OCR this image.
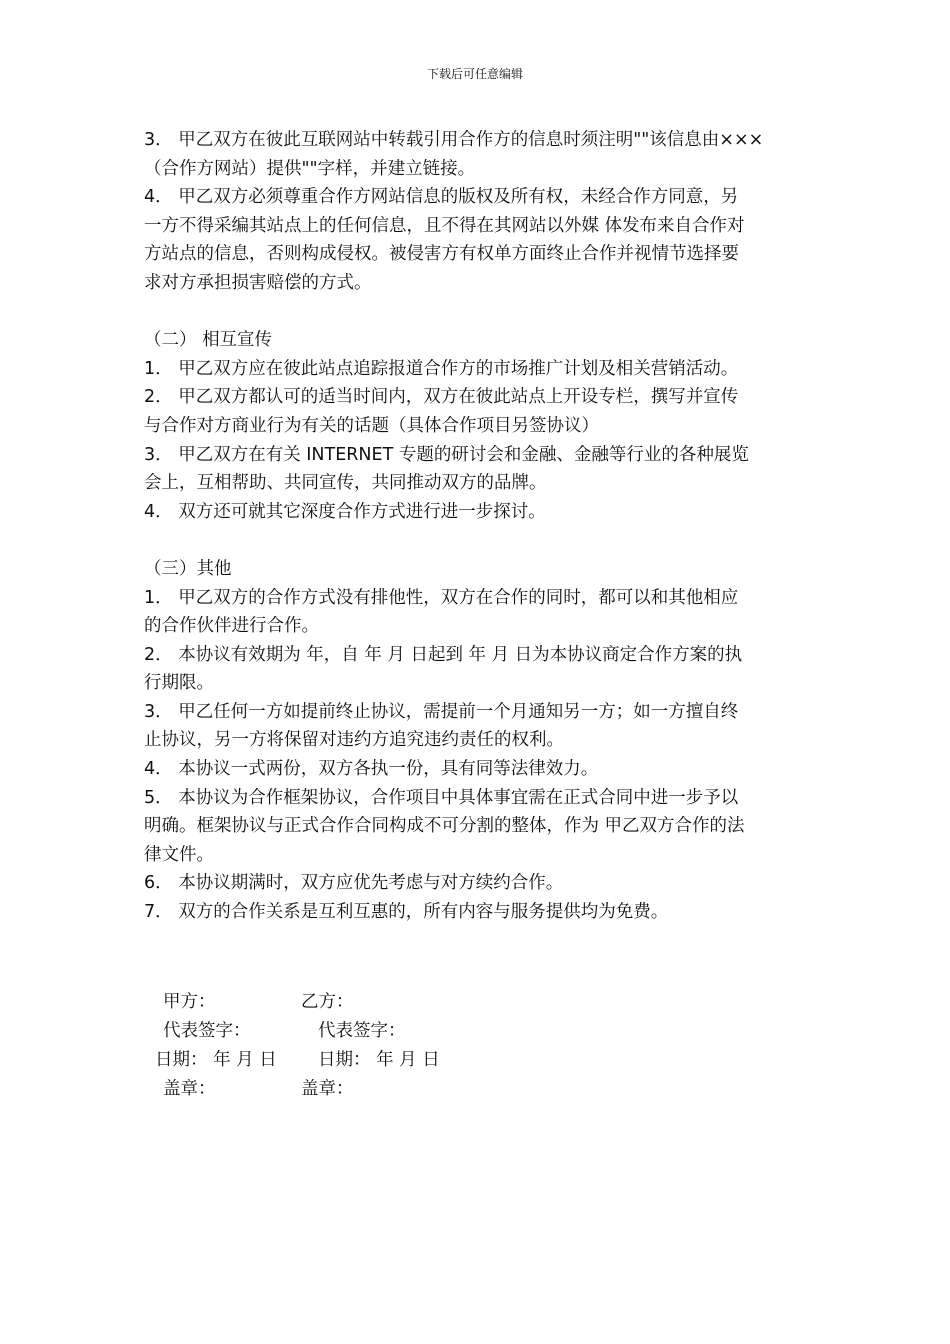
下载后可任意编辑
3． 甲乙双方在彼此互联网站中转载引用合作方的信息时须注明""该信息由×××
（合作方网站）提供""字样，并建立链接。
4． 甲乙双方必须尊重合作方网站信息的版权及所有权，未经合作方同意，另
一方不得采编其站点上的任何信息，且不得在其网站以外媒 体发布来自合作对
方站点的信息，否则构成侵权。被侵害方有权单方面终止合作并视情节选择要
求对方承担损害赔偿的方式。
（二） 相互宣传
1． 甲乙双方应在彼此站点追踪报道合作方的市场推广计划及相关营销活动。
2． 甲乙双方都认可的适当时间内，双方在彼此站点上开设专栏，撰写并宣传
与合作对方商业行为有关的话题（具体合作项目另签协议）
3． 甲乙双方在有关 INTERNET 专题的研讨会和金融、金融等行业的各种展览
会上，互相帮助、共同宣传，共同推动双方的品牌。
4． 双方还可就其它深度合作方式进行进一步探讨。
（三）其他
1． 甲乙双方的合作方式没有排他性，双方在合作的同时，都可以和其他相应
的合作伙伴进行合作。
2． 本协议有效期为 年，自 年 月 日起到 年 月 日为本协议商定合作方案的执
行期限。
3． 甲乙任何一方如提前终止协议，需提前一个月通知另一方；如一方擅自终
止协议，另一方将保留对违约方追究违约责任的权利。
4． 本协议一式两份，双方各执一份，具有同等法律效力。
5． 本协议为合作框架协议，合作项目中具体事宜需在正式合同中进一步予以
明确。框架协议与正式合作合同构成不可分割的整体，作为 甲乙双方合作的法
律文件。
6． 本协议期满时，双方应优先考虑与对方续约合作。
7． 双方的合作关系是互利互惠的，所有内容与服务提供均为免费。
甲方：	乙方：
代表签字：	代表签字：
日期： 年 月 日 日期： 年 月 日
盖章：	盖章：
